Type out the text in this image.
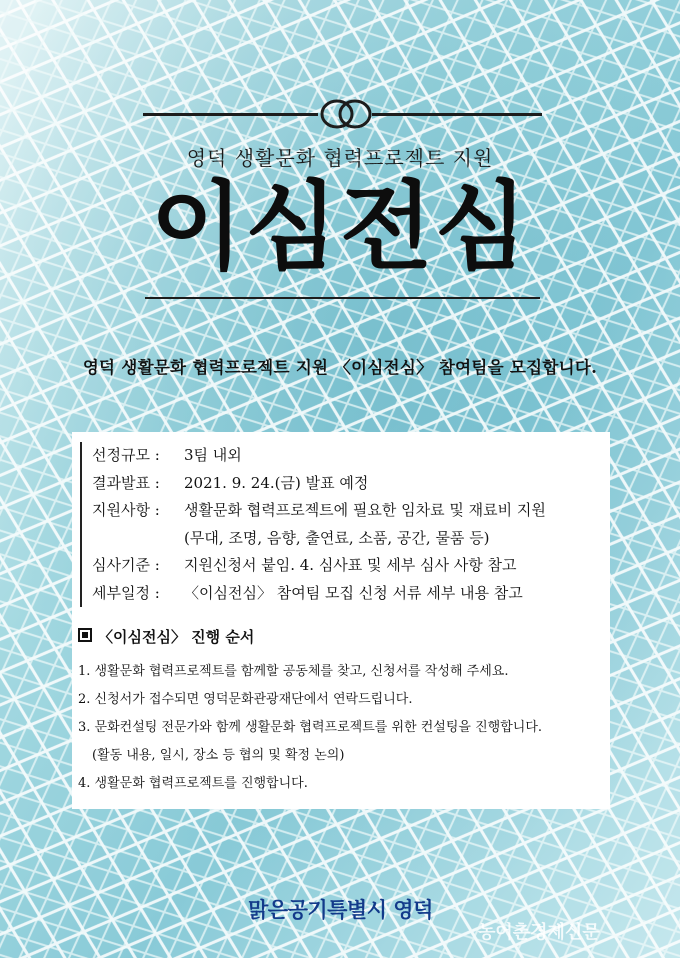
영덕 생활문화 협력프로젝트 지원
이심전심
영덕 생활문화 협력프로젝트 지원 〈이심전심〉 참여팀을 모집합니다.
선정규모 :	3팀 내외
결과발표 :	2021. 9. 24.(금) 발표 예정
지원사항 :	생활문화 협력프로젝트에 필요한 임차료 및 재료비 지원
(무대, 조명, 음향, 출연료, 소품, 공간, 물품 등)
심사기준 :	지원신청서 붙임. 4. 심사표 및 세부 심사 사항 참고
세부일정 :	〈이심전심〉 참여팀 모집 신청 서류 세부 내용 참고
〈이심전심〉 진행 순서
1. 생활문화 협력프로젝트를 함께할 공동체를 찾고, 신청서를 작성해 주세요.
2. 신청서가 접수되면 영덕문화관광재단에서 연락드립니다.
3. 문화컨설팅 전문가와 함께 생활문화 협력프로젝트를 위한 컨설팅을 진행합니다.
(활동 내용, 일시, 장소 등 협의 및 확정 논의)
4. 생활문화 협력프로젝트를 진행합니다.
맑은공기특별시 영덕
농어촌경제신문
